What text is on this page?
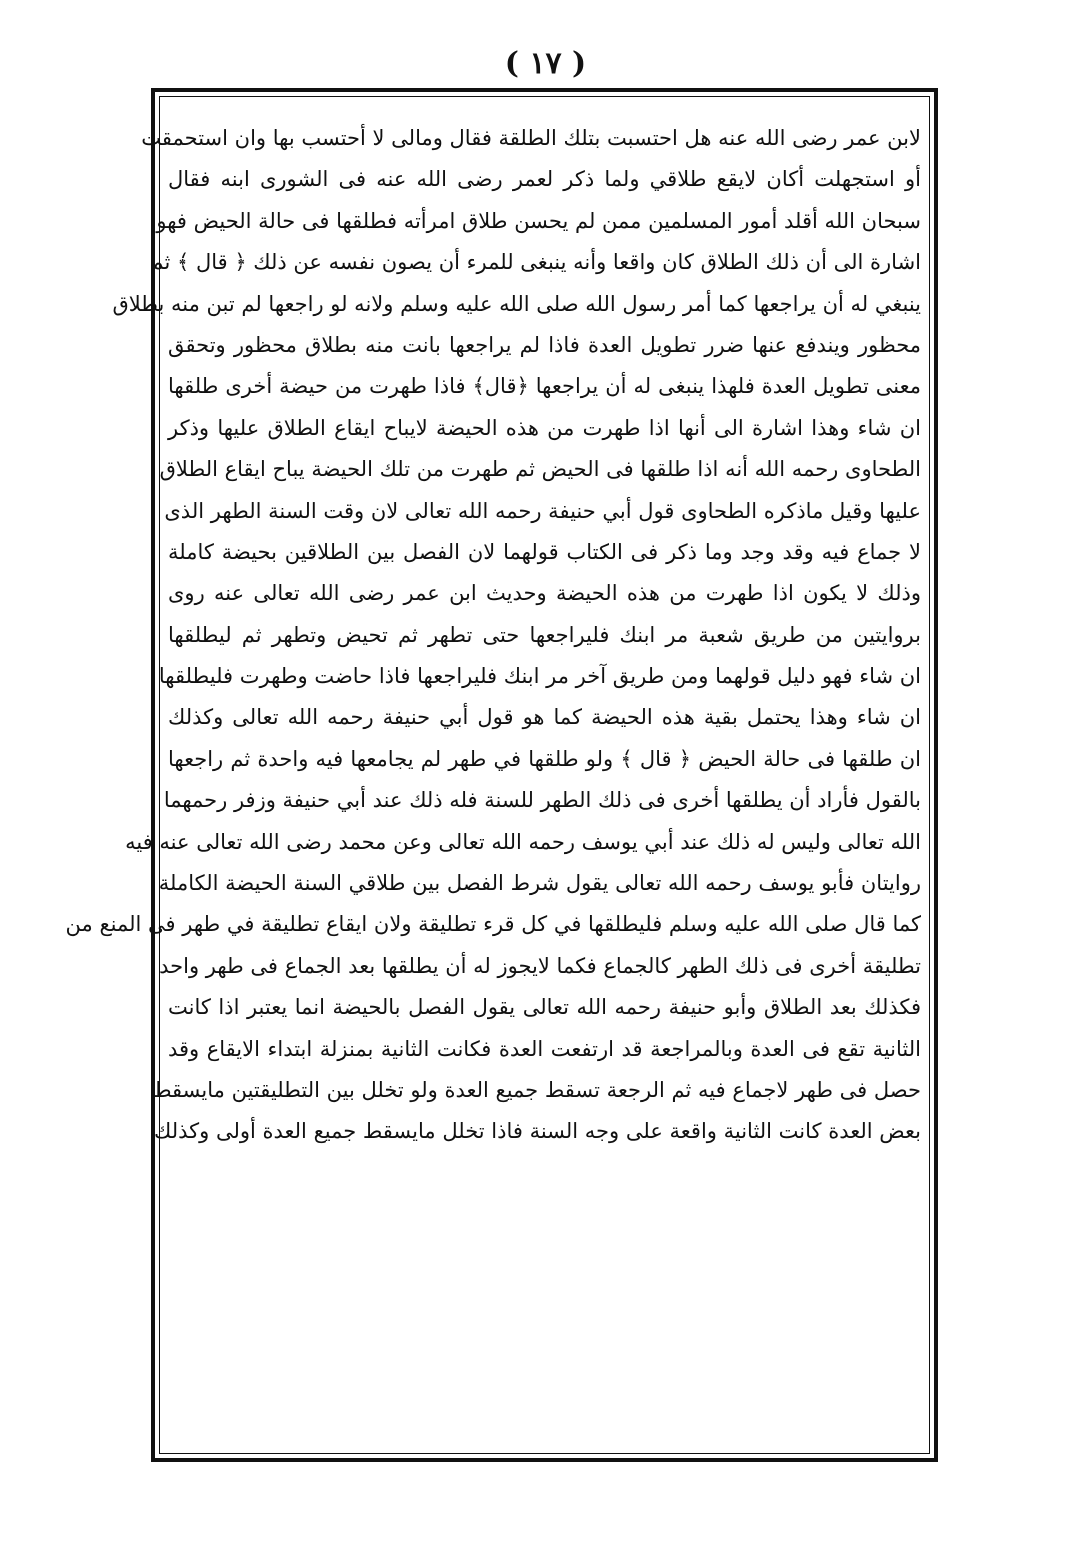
( ١٧ )
لابن عمر رضى الله عنه هل احتسبت بتلك الطلقة فقال ومالى لا أحتسب بها وان استحمقت
أو استجهلت أكان لايقع طلاقي ولما ذكر لعمر رضى الله عنه فى الشورى ابنه فقال
سبحان الله أقلد أمور المسلمين ممن لم يحسن طلاق امرأته فطلقها فى حالة الحيض فهو
اشارة الى أن ذلك الطلاق كان واقعا وأنه ينبغى للمرء أن يصون نفسه عن ذلك ﴿ قال ﴾ ثم
ينبغي له أن يراجعها كما أمر رسول الله صلى الله عليه وسلم ولانه لو راجعها لم تبن منه بطلاق
محظور ويندفع عنها ضرر تطويل العدة فاذا لم يراجعها بانت منه بطلاق محظور وتحقق
معنى تطويل العدة فلهذا ينبغى له أن يراجعها ﴿قال﴾ فاذا طهرت من حيضة أخرى طلقها
ان شاء وهذا اشارة الى أنها اذا طهرت من هذه الحيضة لايباح ايقاع الطلاق عليها وذكر
الطحاوى رحمه الله أنه اذا طلقها فى الحيض ثم طهرت من تلك الحيضة يباح ايقاع الطلاق
عليها وقيل ماذكره الطحاوى قول أبي حنيفة رحمه الله تعالى لان وقت السنة الطهر الذى
لا جماع فيه وقد وجد وما ذكر فى الكتاب قولهما لان الفصل بين الطلاقين بحيضة كاملة
وذلك لا يكون اذا طهرت من هذه الحيضة وحديث ابن عمر رضى الله تعالى عنه روى
بروايتين من طريق شعبة مر ابنك فليراجعها حتى تطهر ثم تحيض وتطهر ثم ليطلقها
ان شاء فهو دليل قولهما ومن طريق آخر مر ابنك فليراجعها فاذا حاضت وطهرت فليطلقها
ان شاء وهذا يحتمل بقية هذه الحيضة كما هو قول أبي حنيفة رحمه الله تعالى وكذلك
ان طلقها فى حالة الحيض ﴿ قال ﴾ ولو طلقها في طهر لم يجامعها فيه واحدة ثم راجعها
بالقول فأراد أن يطلقها أخرى فى ذلك الطهر للسنة فله ذلك عند أبي حنيفة وزفر رحمهما
الله تعالى وليس له ذلك عند أبي يوسف رحمه الله تعالى وعن محمد رضى الله تعالى عنه فيه
روايتان فأبو يوسف رحمه الله تعالى يقول شرط الفصل بين طلاقي السنة الحيضة الكاملة
كما قال صلى الله عليه وسلم فليطلقها في كل قرء تطليقة ولان ايقاع تطليقة في طهر فى المنع من
تطليقة أخرى فى ذلك الطهر كالجماع فكما لايجوز له أن يطلقها بعد الجماع فى طهر واحد
فكذلك بعد الطلاق وأبو حنيفة رحمه الله تعالى يقول الفصل بالحيضة انما يعتبر اذا كانت
الثانية تقع فى العدة وبالمراجعة قد ارتفعت العدة فكانت الثانية بمنزلة ابتداء الايقاع وقد
حصل فى طهر لاجماع فيه ثم الرجعة تسقط جميع العدة ولو تخلل بين التطليقتين مايسقط
بعض العدة كانت الثانية واقعة على وجه السنة فاذا تخلل مايسقط جميع العدة أولى وكذلك
